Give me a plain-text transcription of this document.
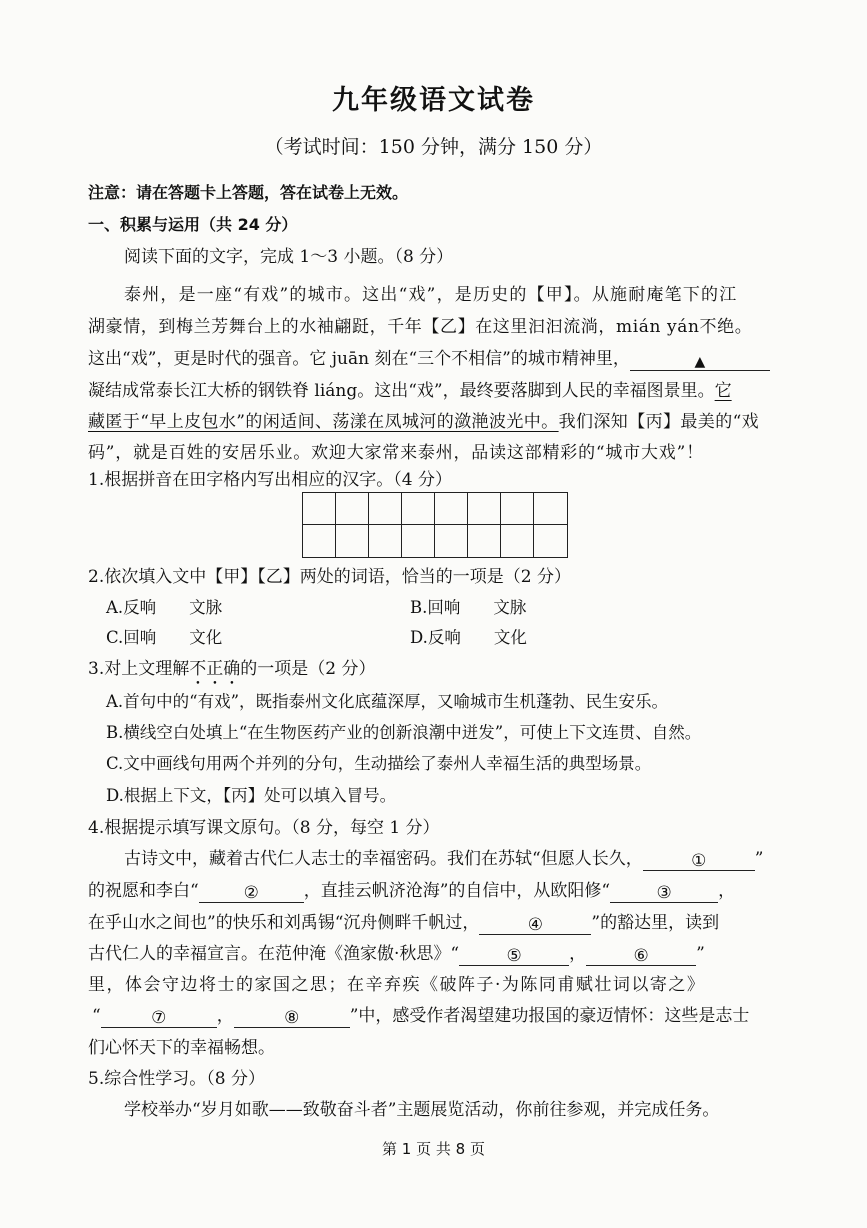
九年级语文试卷
（考试时间：150 分钟，满分 150 分）
注意：请在答题卡上答题，答在试卷上无效。
一、积累与运用（共 24 分）
阅读下面的文字，完成 1～3 小题。（8 分）
泰州，是一座“有戏”的城市。这出“戏”，是历史的【甲】。从施耐庵笔下的江
湖豪情，到梅兰芳舞台上的水袖翩跹，千年【乙】在这里汩汩流淌，mián yán不绝。
这出“戏”，更是时代的强音。它 juān 刻在“三个不相信”的城市精神里，	▲
凝结成常泰长江大桥的钢铁脊 liáng。这出“戏”，最终要落脚到人民的幸福图景里。它
藏匿于“早上皮包水”的闲适间、荡漾在凤城河的潋滟波光中。我们深知【丙】最美的“戏
码”，就是百姓的安居乐业。欢迎大家常来泰州，品读这部精彩的“城市大戏”！
1.根据拼音在田字格内写出相应的汉字。（4 分）
2.依次填入文中【甲】【乙】两处的词语，恰当的一项是（2 分）
A.反响　　文脉	B.回响　　文脉
C.回响　　文化	D.反响　　文化
3.对上文理解不正确的一项是（2 分）
A.首句中的“有戏”，既指泰州文化底蕴深厚，又喻城市生机蓬勃、民生安乐。
B.横线空白处填上“在生物医药产业的创新浪潮中迸发”，可使上下文连贯、自然。
C.文中画线句用两个并列的分句，生动描绘了泰州人幸福生活的典型场景。
D.根据上下文，【丙】处可以填入冒号。
4.根据提示填写课文原句。（8 分，每空 1 分）
古诗文中，藏着古代仁人志士的幸福密码。我们在苏轼“但愿人长久，	①	”
的祝愿和李白“	②	，直挂云帆济沧海”的自信中，从欧阳修“	③	，
在乎山水之间也”的快乐和刘禹锡“沉舟侧畔千帆过，	④	”的豁达里，读到
古代仁人的幸福宣言。在范仲淹《渔家傲·秋思》“	⑤	，	⑥	”
里，体会守边将士的家国之思；在辛弃疾《破阵子·为陈同甫赋壮词以寄之》
“	⑦	，	⑧	”中，感受作者渴望建功报国的豪迈情怀：这些是志士
们心怀天下的幸福畅想。
5.综合性学习。（8 分）
学校举办“岁月如歌——致敬奋斗者”主题展览活动，你前往参观，并完成任务。
第 1 页 共 8 页
